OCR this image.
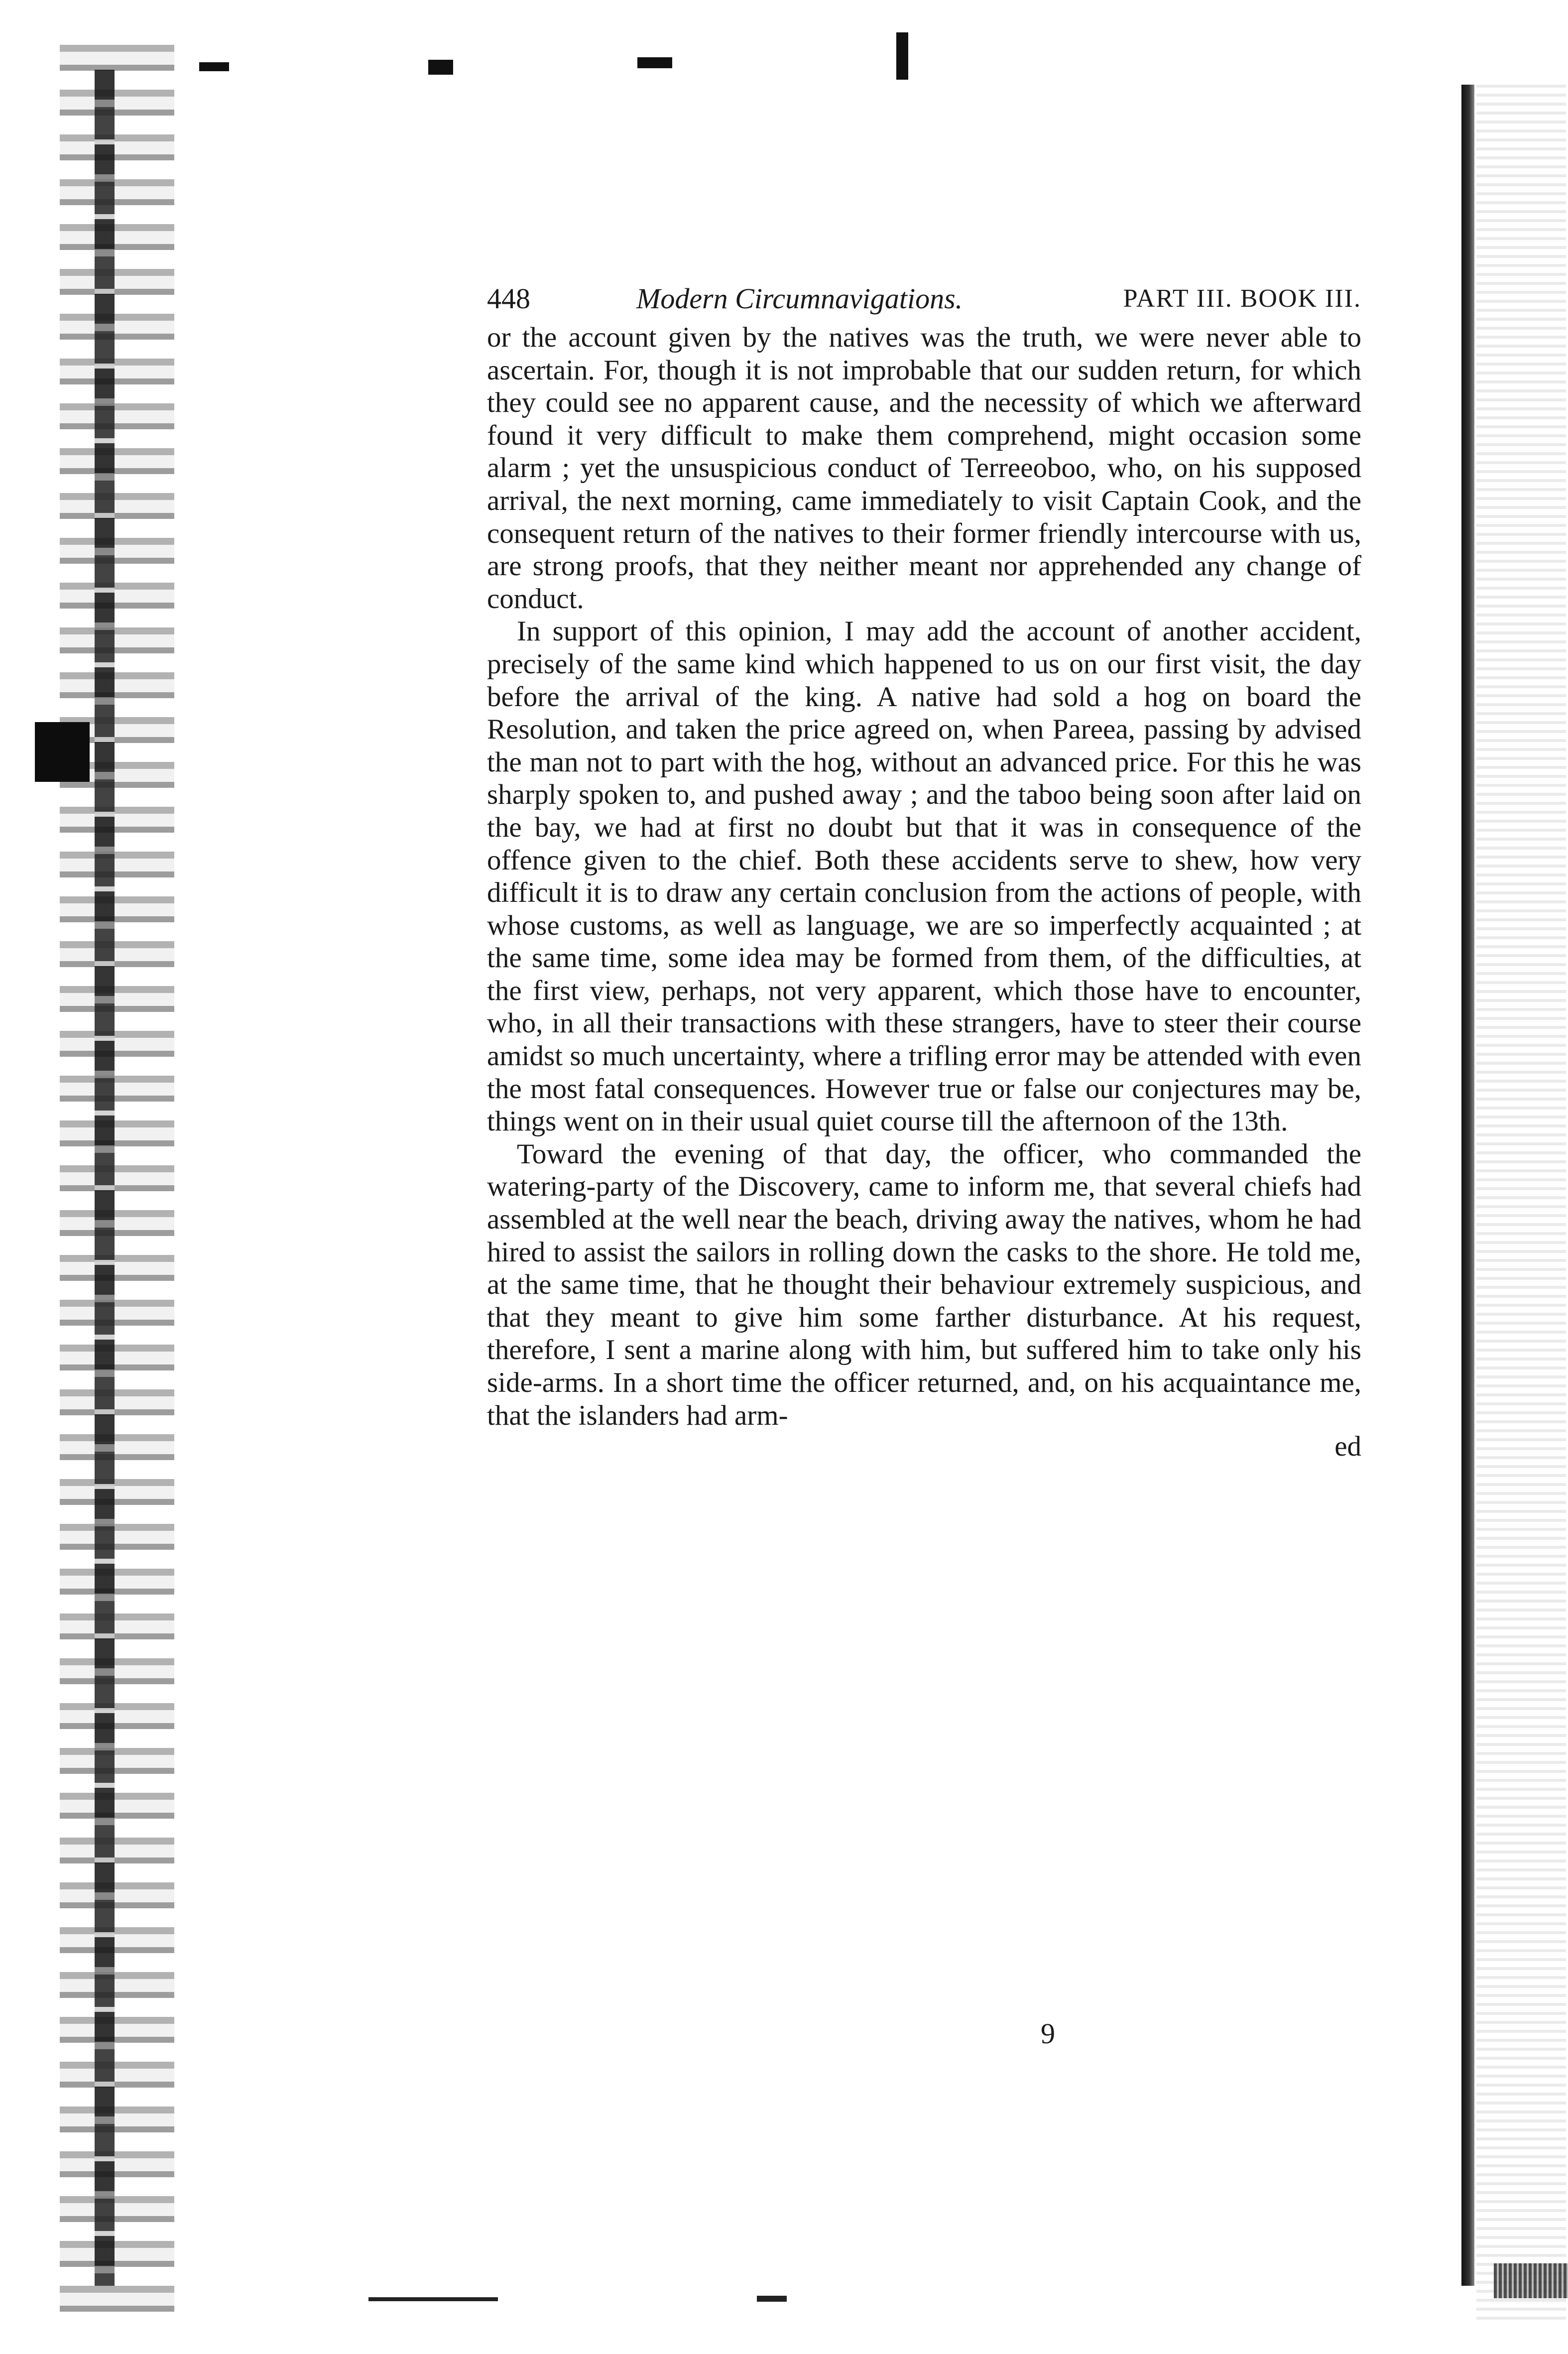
448	Modern Circumnavigations.	PART III. BOOK III.

or the account given by the natives was the truth, we were never able to ascertain. For, though it is not improbable that our sudden return, for which they could see no apparent cause, and the necessity of which we afterward found it very difficult to make them comprehend, might occasion some alarm ; yet the unsuspicious conduct of Terreeoboo, who, on his supposed arrival, the next morning, came immediately to visit Captain Cook, and the consequent return of the natives to their former friendly intercourse with us, are strong proofs, that they neither meant nor apprehended any change of conduct.

In support of this opinion, I may add the account of another accident, precisely of the same kind which happened to us on our first visit, the day before the arrival of the king. A native had sold a hog on board the Resolution, and taken the price agreed on, when Pareea, passing by advised the man not to part with the hog, without an advanced price. For this he was sharply spoken to, and pushed away ; and the taboo being soon after laid on the bay, we had at first no doubt but that it was in consequence of the offence given to the chief. Both these accidents serve to shew, how very difficult it is to draw any certain conclusion from the actions of people, with whose customs, as well as language, we are so imperfectly acquainted ; at the same time, some idea may be formed from them, of the difficulties, at the first view, perhaps, not very apparent, which those have to encounter, who, in all their transactions with these strangers, have to steer their course amidst so much uncertainty, where a trifling error may be attended with even the most fatal consequences. However true or false our conjectures may be, things went on in their usual quiet course till the afternoon of the 13th.

Toward the evening of that day, the officer, who commanded the watering-party of the Discovery, came to inform me, that several chiefs had assembled at the well near the beach, driving away the natives, whom he had hired to assist the sailors in rolling down the casks to the shore. He told me, at the same time, that he thought their behaviour extremely suspicious, and that they meant to give him some farther disturbance. At his request, therefore, I sent a marine along with him, but suffered him to take only his side-arms. In a short time the officer returned, and, on his acquaintance me, that the islanders had arm-

ed
9
